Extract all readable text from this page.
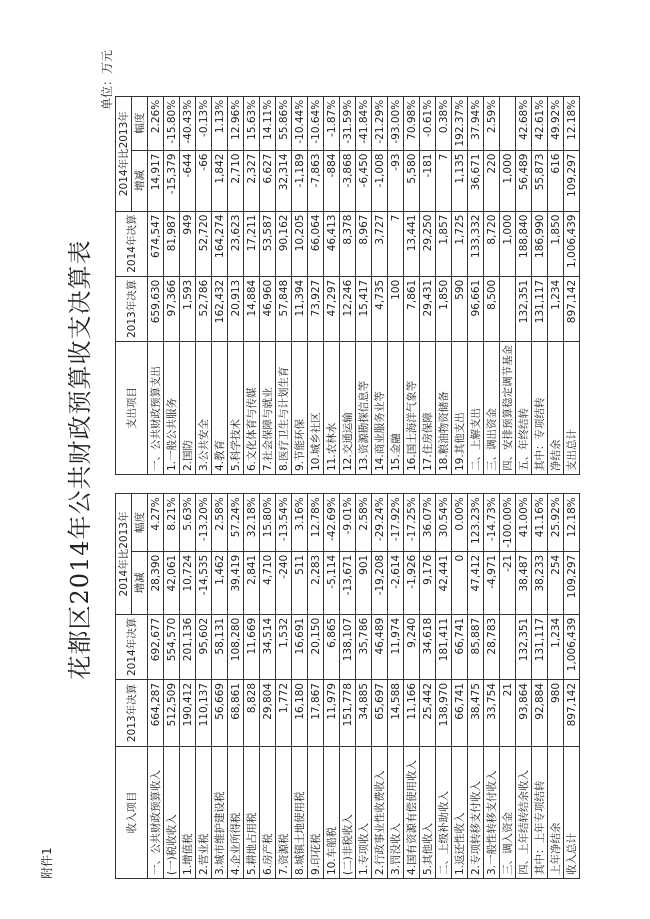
附件1
花都区2014年公共财政预算收支决算表
单位：万元
收入项目	2013年决算	2014年决算	2014年比2013年	
			增减	幅度
一、公共财政预算收入	664,287	692,677	28,390	4.27%
(一)税收收入	512,509	554,570	42,061	8.21%
1.增值税	190,412	201,136	10,724	5.63%
2.营业税	110,137	95,602	-14,535	-13.20%
3.城市维护建设税	56,669	58,131	1,462	2.58%
4.企业所得税	68,861	108,280	39,419	57.24%
5.耕地占用税	8,828	11,669	2,841	32.18%
6.房产税	29,804	34,514	4,710	15.80%
7.资源税	1,772	1,532	-240	-13.54%
8.城镇土地使用税	16,180	16,691	511	3.16%
9.印花税	17,867	20,150	2,283	12.78%
10.车船税	11,979	6,865	-5,114	-42.69%
(二)非税收入	151,778	138,107	-13,671	-9.01%
1.专项收入	34,885	35,786	901	2.58%
2.行政事业性收费收入	65,697	46,489	-19,208	-29.24%
3.罚没收入	14,588	11,974	-2,614	-17.92%
4.国有资源有偿使用收入	11,166	9,240	-1,926	-17.25%
5.其他收入	25,442	34,618	9,176	36.07%
二、上级补助收入	138,970	181,411	42,441	30.54%
1.返还性收入	66,741	66,741	0	0.00%
2.专项转移支付收入	38,475	85,887	47,412	123.23%
3.一般性转移支付收入	33,754	28,783	-4,971	-14.73%
三、调入资金	21		-21	-100.00%
四、上年结转结余收入	93,864	132,351	38,487	41.00%
其中：上年专项结转	92,884	131,117	38,233	41.16%
上年净结余	980	1,234	254	25.92%
收入总计	897,142	1,006,439	109,297	12.18%
支出项目	2013年决算	2014年决算	2014年比2013年	
			增减	幅度
一、公共财政预算支出	659,630	674,547	14,917	2.26%
1.一般公共服务	97,366	81,987	-15,379	-15.80%
2.国防	1,593	949	-644	-40.43%
3.公共安全	52,786	52,720	-66	-0.13%
4.教育	162,432	164,274	1,842	1.13%
5.科学技术	20,913	23,623	2,710	12.96%
6.文化体育与传媒	14,884	17,211	2,327	15.63%
7.社会保障与就业	46,960	53,587	6,627	14.11%
8.医疗卫生与计划生育	57,848	90,162	32,314	55.86%
9.节能环保	11,394	10,205	-1,189	-10.44%
10.城乡社区	73,927	66,064	-7,863	-10.64%
11.农林水	47,297	46,413	-884	-1.87%
12.交通运输	12,246	8,378	-3,868	-31.59%
13.资源勘探信息等	15,417	8,967	-6,450	-41.84%
14.商业服务业等	4,735	3,727	-1,008	-21.29%
15.金融	100	7	-93	-93.00%
16.国土海洋气象等	7,861	13,441	5,580	70.98%
17.住房保障	29,431	29,250	-181	-0.61%
18.粮油物资储备	1,850	1,857	7	0.38%
19.其他支出	590	1,725	1,135	192.37%
二、上解支出	96,661	133,332	36,671	37.94%
三、调出资金	8,500	8,720	220	2.59%
四、安排预算稳定调节基金		1,000	1,000	
五、年终结转	132,351	188,840	56,489	42.68%
其中：专项结转	131,117	186,990	55,873	42.61%
净结余	1,234	1,850	616	49.92%
支出总计	897,142	1,006,439	109,297	12.18%
